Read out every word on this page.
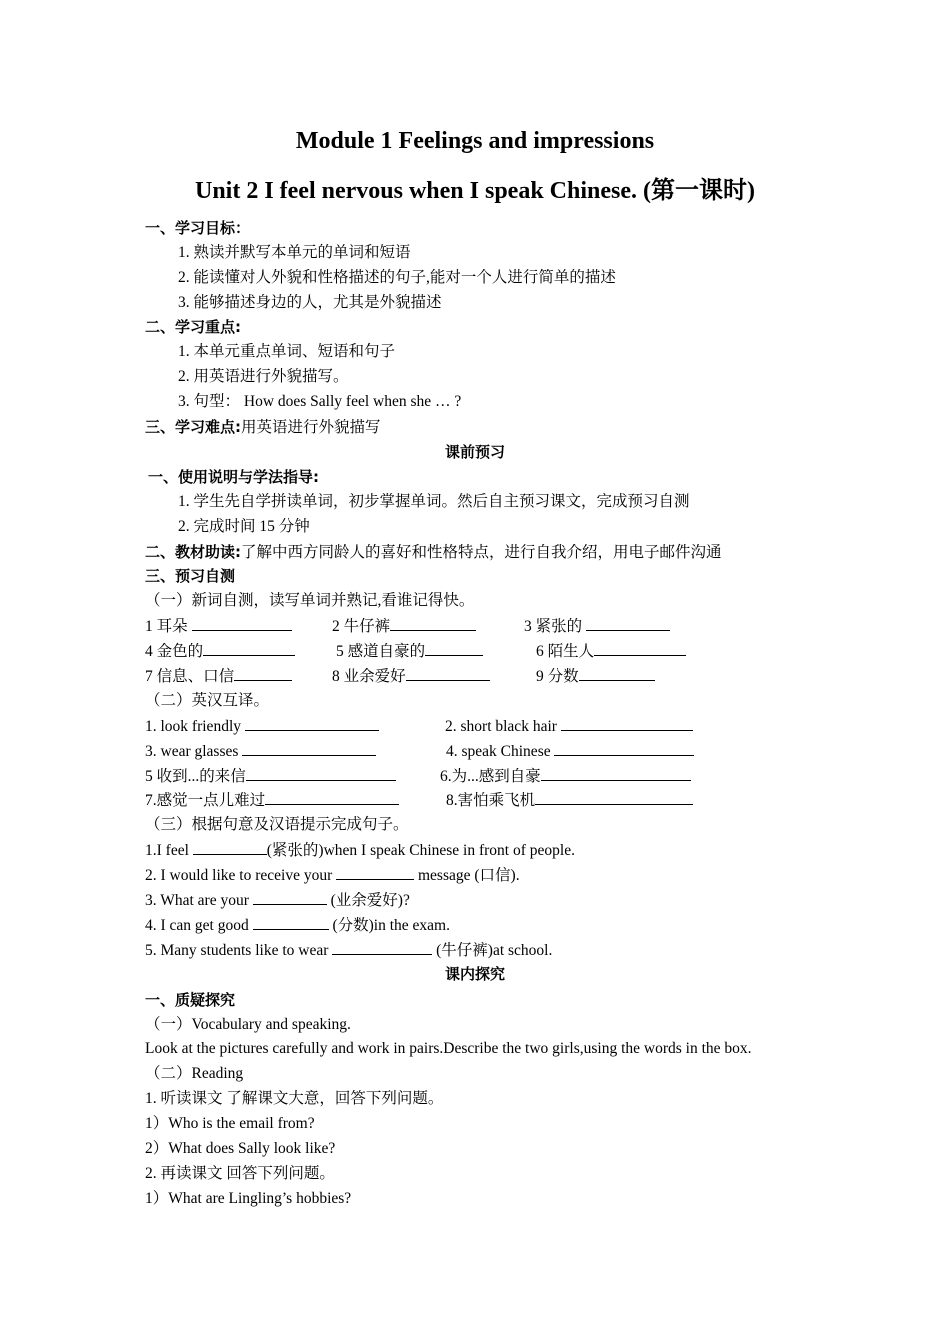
Module 1 Feelings and impressions
Unit 2 I feel nervous when I speak Chinese. (第一课时)
一、学习目标：
1. 熟读并默写本单元的单词和短语
2. 能读懂对人外貌和性格描述的句子,能对一个人进行简单的描述
3. 能够描述身边的人，尤其是外貌描述
二、学习重点:
1. 本单元重点单词、短语和句子
2. 用英语进行外貌描写。
3. 句型： How does Sally feel when she … ?
三、学习难点:用英语进行外貌描写
课前预习
一、使用说明与学法指导:
1. 学生先自学拼读单词，初步掌握单词。然后自主预习课文，完成预习自测
2. 完成时间 15 分钟
二、教材助读:了解中西方同龄人的喜好和性格特点，进行自我介绍，用电子邮件沟通
三、预习自测
（一）新词自测，读写单词并熟记,看谁记得快。
1 耳朵	2 牛仔裤	3 紧张的
4 金色的	5 感道自豪的	6 陌生人
7 信息、口信	8 业余爱好	9 分数
（二）英汉互译。
1. look friendly	2. short black hair
3. wear glasses	4. speak Chinese
5 收到...的来信	6.为...感到自豪
7.感觉一点儿难过	8.害怕乘飞机
（三）根据句意及汉语提示完成句子。
1.I feel	(紧张的)when I speak Chinese in front of people.
2. I would like to receive your	message (口信).
3. What are your	(业余爱好)?
4. I can get good	(分数)in the exam.
5. Many students like to wear	(牛仔裤)at school.
课内探究
一、质疑探究
（一）Vocabulary and speaking.
Look at the pictures carefully and work in pairs.Describe the two girls,using the words in the box.
（二）Reading
1. 听读课文 了解课文大意，回答下列问题。
1）Who is the email from?
2）What does Sally look like?
2. 再读课文 回答下列问题。
1）What are Lingling’s hobbies?
